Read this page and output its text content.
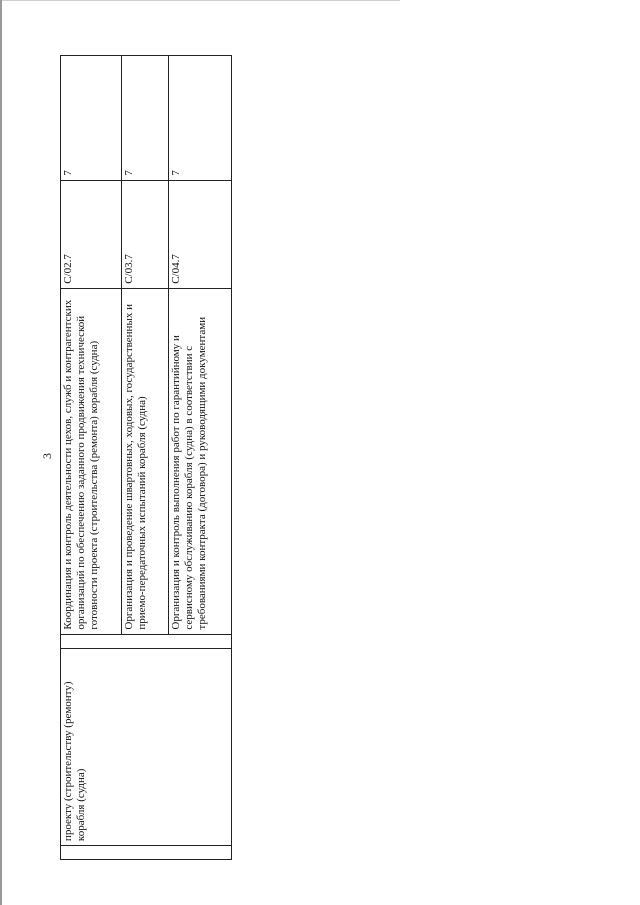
3
	проекту (строительству (ремонту) корабля (судна)		Координация и контроль деятельности цехов, служб и контрагентских организаций по обеспечению заданного продвижения технической готовности проекта (строительства (ремонта) корабля (судна)	C/02.7	7
			Организация и проведение швартовных, ходовых, государственных и приемо-передаточных испытаний корабля (судна)	C/03.7	7
			Организация и контроль выполнения работ по гарантийному и сервисному обслуживанию корабля (судна) в соответствии с требованиями контракта (договора) и руководящими документами	C/04.7	7
